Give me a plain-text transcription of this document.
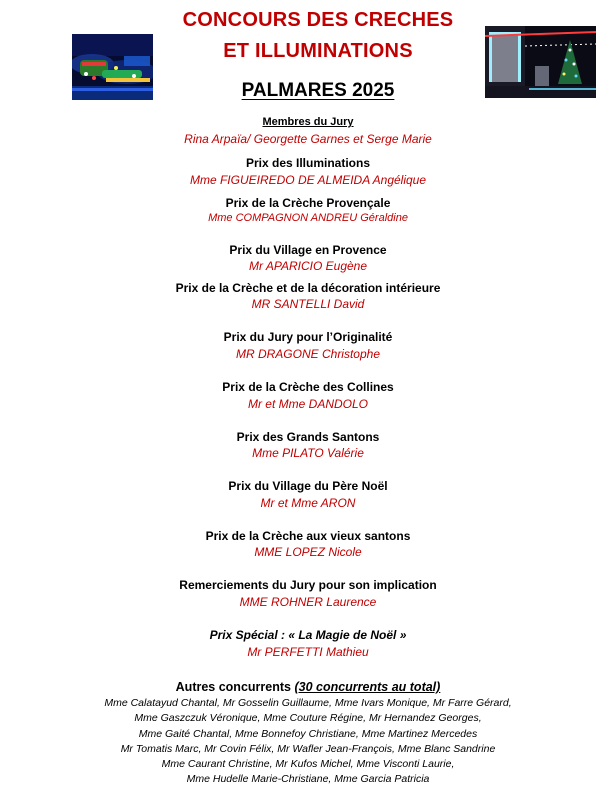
CONCOURS DES CRECHES
ET ILLUMINATIONS
PALMARES 2025
Membres du Jury
Rina Arpaïa/ Georgette Garnes et Serge Marie
Prix des Illuminations
Mme FIGUEIREDO DE ALMEIDA Angélique
Prix de la Crèche Provençale
Mme COMPAGNON ANDREU Géraldine
Prix du Village en Provence
Mr APARICIO Eugène
Prix de la Crèche et de la décoration intérieure
MR SANTELLI David
Prix du Jury pour l’Originalité
MR DRAGONE Christophe
Prix de la Crèche des Collines
Mr et Mme DANDOLO
Prix des Grands Santons
Mme PILATO Valérie
Prix du Village du Père Noël
Mr et Mme ARON
Prix de la Crèche aux vieux santons
MME LOPEZ Nicole
Remerciements du Jury pour son implication
MME ROHNER Laurence
Prix Spécial : « La Magie de Noël »
Mr PERFETTI Mathieu
Autres concurrents (30 concurrents au total)
Mme Calatayud Chantal, Mr Gosselin Guillaume, Mme Ivars Monique, Mr Farre Gérard,
Mme Gaszczuk Véronique, Mme Couture Régine, Mr Hernandez Georges,
Mme Gaité Chantal, Mme Bonnefoy Christiane, Mme Martinez Mercedes
Mr Tomatis Marc, Mr Covin Félix, Mr Wafler Jean-François, Mme Blanc Sandrine
Mme Caurant Christine, Mr Kufos Michel, Mme Visconti Laurie,
Mme Hudelle Marie-Christiane, Mme Garcia Patricia
